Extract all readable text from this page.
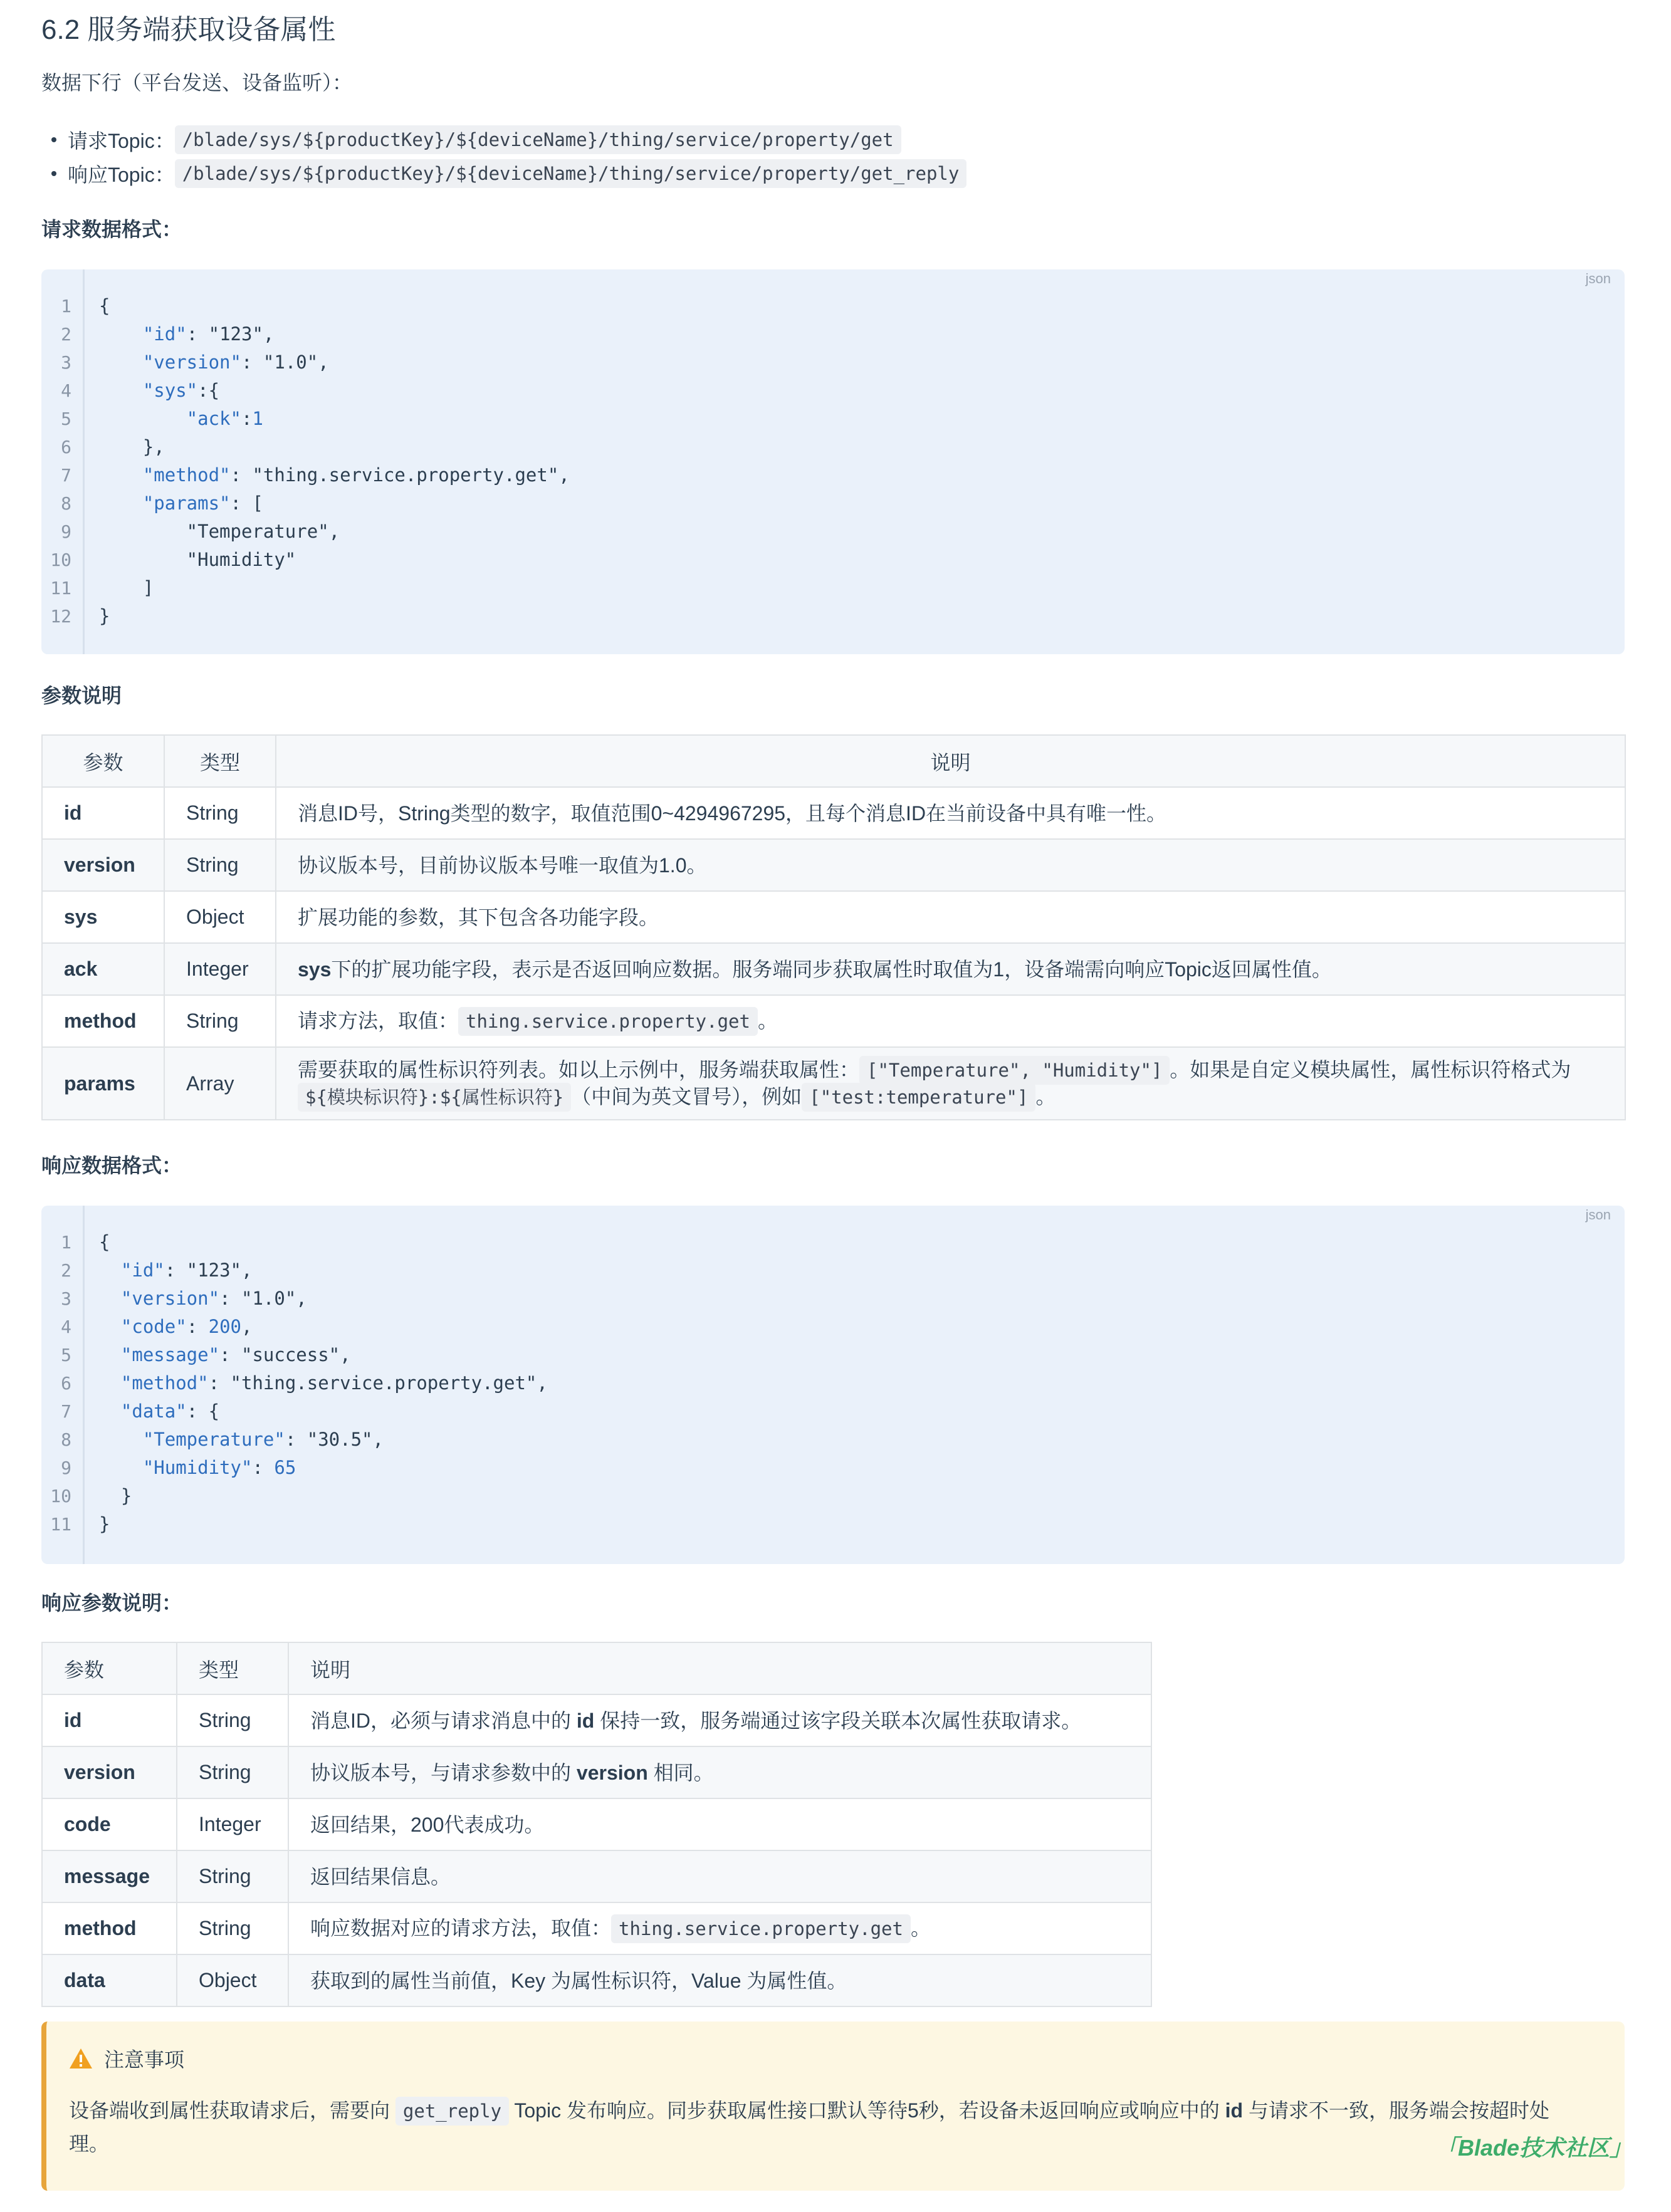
6.2 服务端获取设备属性
数据下行（平台发送、设备监听）：
请求Topic： /blade/sys/${productKey}/${deviceName}/thing/service/property/get
响应Topic： /blade/sys/${productKey}/${deviceName}/thing/service/property/get_reply
请求数据格式：
json
1	{
2	"id": "123",
3	"version": "1.0",
4	"sys":{
5	"ack":1
6	},
7	"method": "thing.service.property.get",
8	"params": [
9	"Temperature",
10	"Humidity"
11	]
12	}
参数说明
参数	类型	说明
id	String	消息ID号，String类型的数字，取值范围0~4294967295，且每个消息ID在当前设备中具有唯一性。
version	String	协议版本号，目前协议版本号唯一取值为1.0。
sys	Object	扩展功能的参数，其下包含各功能字段。
ack	Integer	sys下的扩展功能字段，表示是否返回响应数据。服务端同步获取属性时取值为1，设备端需向响应Topic返回属性值。
method	String	请求方法，取值： thing.service.property.get 。
params	Array	需要获取的属性标识符列表。如以上示例中，服务端获取属性： ["Temperature", "Humidity"] 。如果是自定义模块属性，属性标识符格式为${模块标识符}:${属性标识符} （中间为英文冒号），例如 ["test:temperature"] 。
响应数据格式：
json
1	{
2	"id": "123",
3	"version": "1.0",
4	"code": 200,
5	"message": "success",
6	"method": "thing.service.property.get",
7	"data": {
8	"Temperature": "30.5",
9	"Humidity": 65
10	}
11	}
响应参数说明：
参数	类型	说明
id	String	消息ID，必须与请求消息中的 id 保持一致，服务端通过该字段关联本次属性获取请求。
version	String	协议版本号，与请求参数中的 version 相同。
code	Integer	返回结果，200代表成功。
message	String	返回结果信息。
method	String	响应数据对应的请求方法，取值： thing.service.property.get 。
data	Object	获取到的属性当前值，Key 为属性标识符，Value 为属性值。
注意事项
设备端收到属性获取请求后，需要向 get_reply Topic 发布响应。同步获取属性接口默认等待5秒，若设备未返回响应或响应中的 id 与请求不一致，服务端会按超时处理。	「Blade技术社区」
